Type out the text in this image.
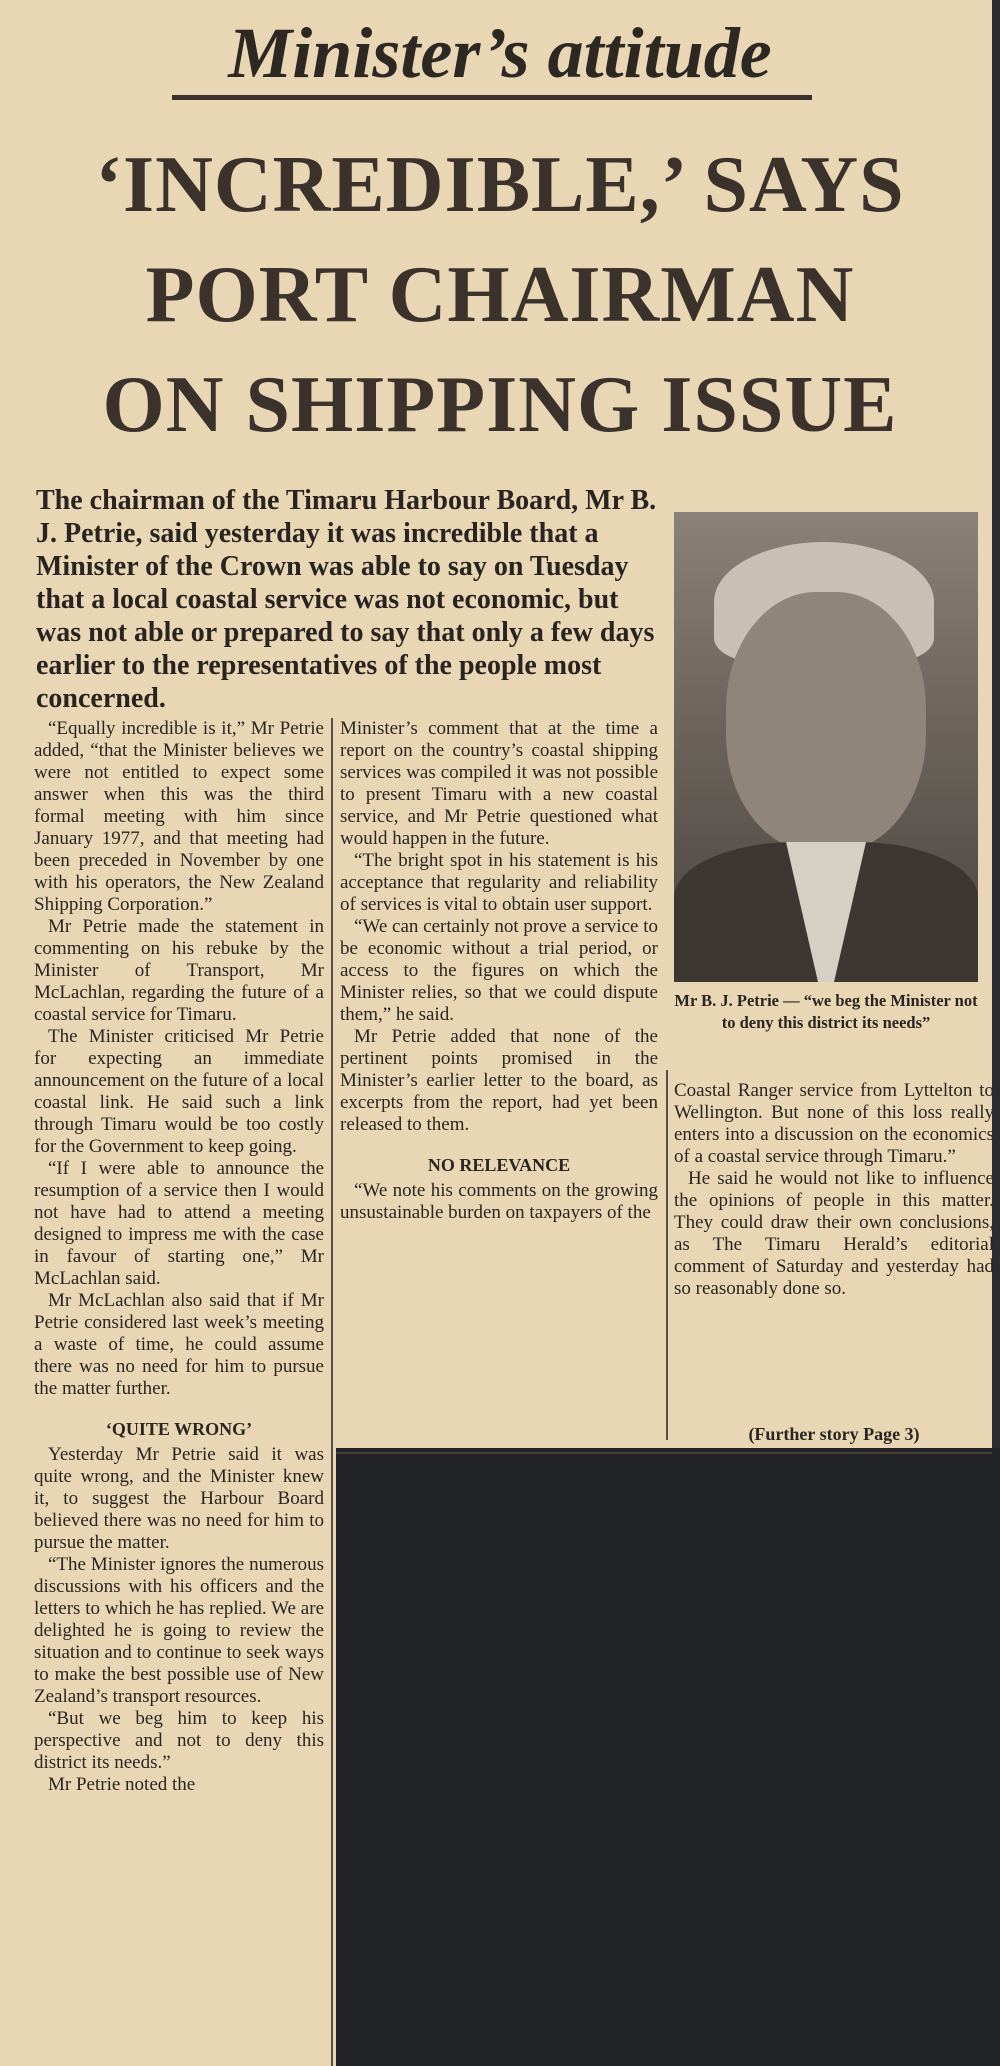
Minister’s attitude
‘INCREDIBLE,’ SAYS
PORT CHAIRMAN
ON SHIPPING ISSUE
The chairman of the Timaru Harbour Board, Mr B. J. Petrie, said yesterday it was incredible that a Minister of the Crown was able to say on Tuesday that a local coastal service was not economic, but was not able or prepared to say that only a few days earlier to the representatives of the people most concerned.
Mr B. J. Petrie — “we beg the Minister not to deny this district its needs”

“Equally incredible is it,” Mr Petrie added, “that the Minister believes we were not entitled to expect some answer when this was the third formal meeting with him since January 1977, and that meeting had been preceded in November by one with his operators, the New Zealand Shipping Corporation.”

Mr Petrie made the statement in commenting on his rebuke by the Minister of Transport, Mr McLachlan, regarding the future of a coastal service for Timaru.

The Minister criticised Mr Petrie for expecting an immediate announcement on the future of a local coastal link. He said such a link through Timaru would be too costly for the Government to keep going.

“If I were able to announce the resumption of a service then I would not have had to attend a meeting designed to impress me with the case in favour of starting one,” Mr McLachlan said.

Mr McLachlan also said that if Mr Petrie considered last week’s meeting a waste of time, he could assume there was no need for him to pursue the matter further.

‘QUITE WRONG’

Yesterday Mr Petrie said it was quite wrong, and the Minister knew it, to suggest the Harbour Board believed there was no need for him to pursue the matter.

“The Minister ignores the numerous discussions with his officers and the letters to which he has replied. We are delighted he is going to review the situation and to continue to seek ways to make the best possible use of New Zealand’s transport resources.

“But we beg him to keep his perspective and not to deny this district its needs.”

Mr Petrie noted the

Minister’s comment that at the time a report on the country’s coastal shipping services was compiled it was not possible to present Timaru with a new coastal service, and Mr Petrie questioned what would happen in the future.

“The bright spot in his statement is his acceptance that regularity and reliability of services is vital to obtain user support.

“We can certainly not prove a service to be economic without a trial period, or access to the figures on which the Minister relies, so that we could dispute them,” he said.

Mr Petrie added that none of the pertinent points promised in the Minister’s earlier letter to the board, as excerpts from the report, had yet been released to them.

NO RELEVANCE

“We note his comments on the growing unsustainable burden on taxpayers of the

Coastal Ranger service from Lyttelton to Wellington. But none of this loss really enters into a discussion on the economics of a coastal service through Timaru.”

He said he would not like to influence the opinions of people in this matter. They could draw their own conclusions, as The Timaru Herald’s editorial comment of Saturday and yesterday had so reasonably done so.

(Further story Page 3)
